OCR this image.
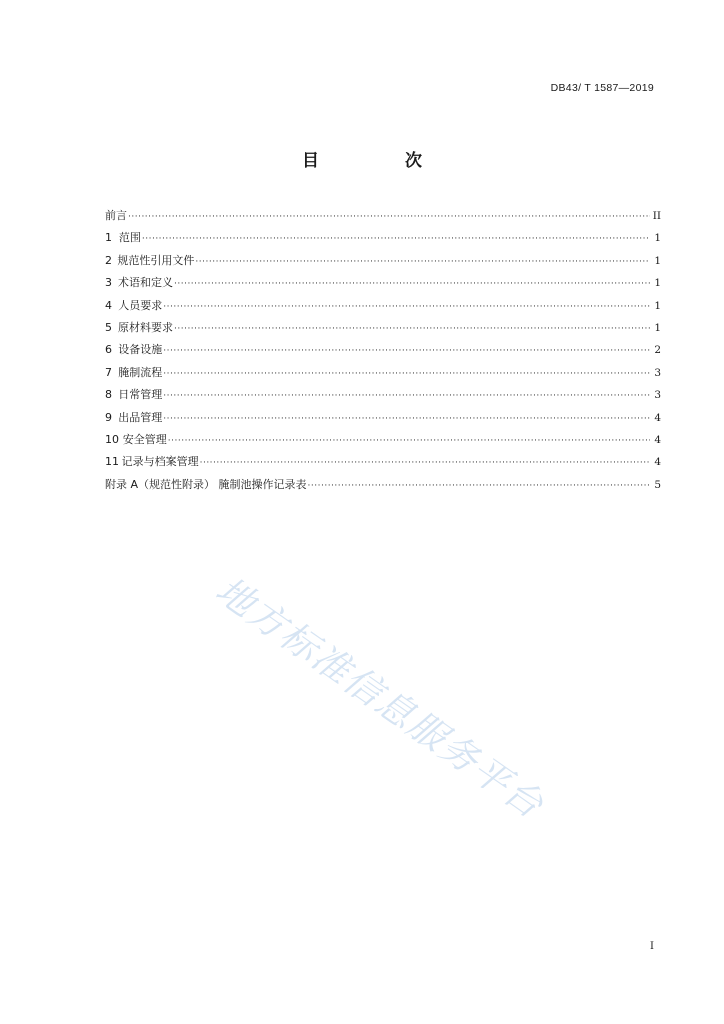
DB43/ T 1587—2019
目 次
前言 ·····	II
1 范围 ·····	1
2 规范性引用文件 ·····	1
3 术语和定义 ·····	1
4 人员要求 ·····	1
5 原材料要求 ·····	1
6 设备设施 ·····	2
7 腌制流程 ·····	3
8 日常管理 ·····	3
9 出品管理 ·····	4
10 安全管理 ·····	4
11 记录与档案管理 ·····	4
附录 A（规范性附录） 腌制池操作记录表 ·····	5
地方标准信息服务平台
I
